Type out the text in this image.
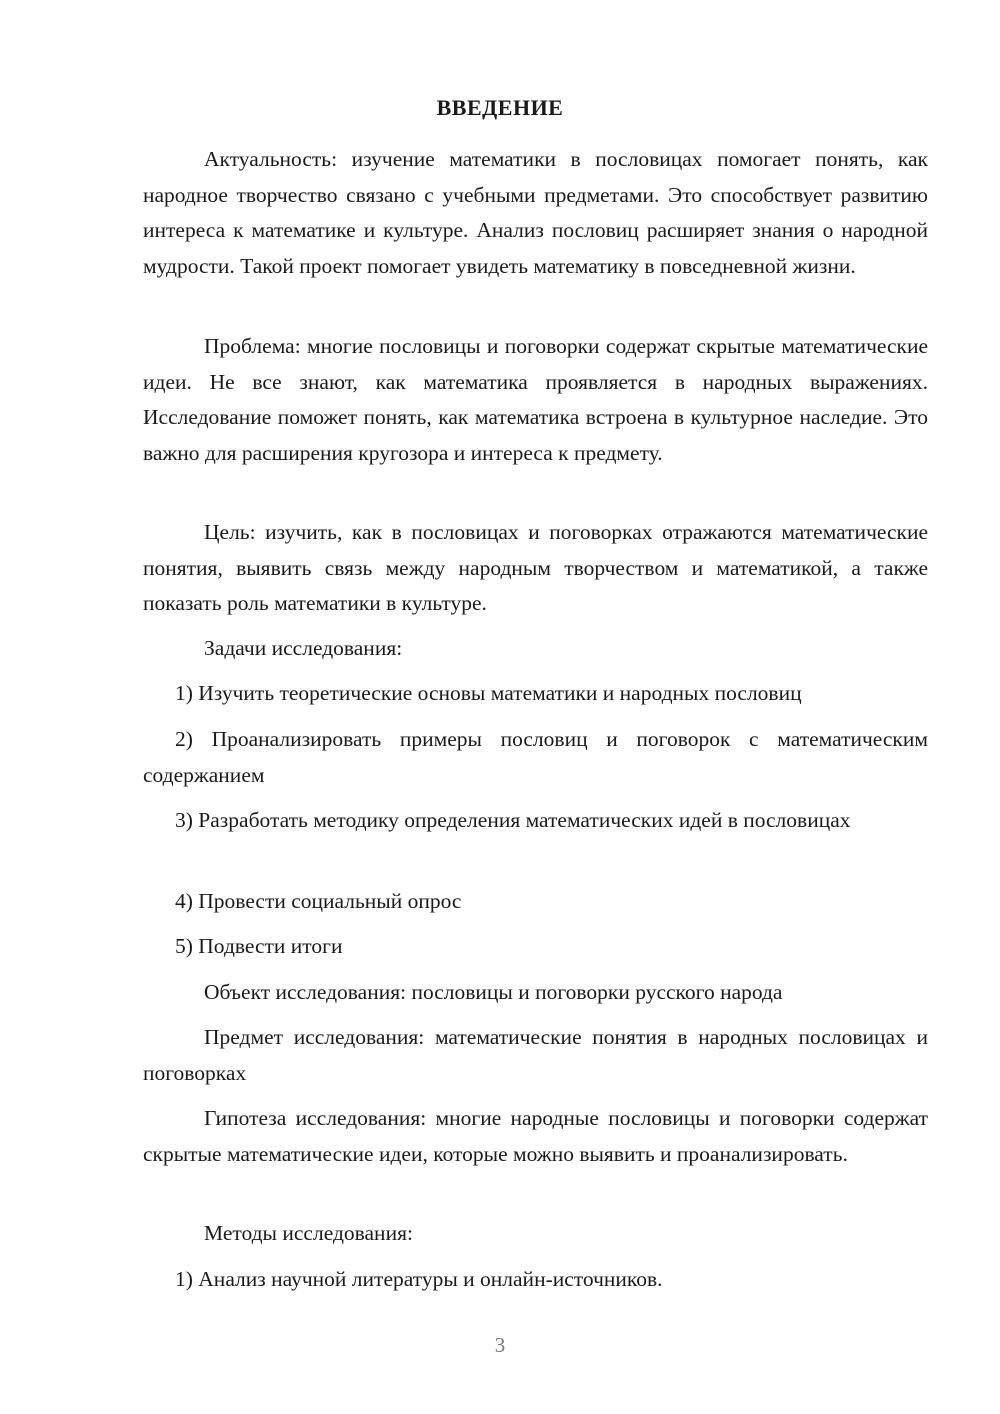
ВВЕДЕНИЕ

Актуальность: изучение математики в пословицах помогает понять, как народное творчество связано с учебными предметами. Это способствует развитию интереса к математике и культуре. Анализ пословиц расширяет знания о народной мудрости. Такой проект помогает увидеть математику в повседневной жизни.

Проблема: многие пословицы и поговорки содержат скрытые математические идеи. Не все знают, как математика проявляется в народных выражениях. Исследование поможет понять, как математика встроена в культурное наследие. Это важно для расширения кругозора и интереса к предмету.

Цель: изучить, как в пословицах и поговорках отражаются математические понятия, выявить связь между народным творчеством и математикой, а также показать роль математики в культуре.

Задачи исследования:

1) Изучить теоретические основы математики и народных пословиц

2) Проанализировать примеры пословиц и поговорок с математическим содержанием

3) Разработать методику определения математических идей в пословицах

4) Провести социальный опрос

5) Подвести итоги

Объект исследования: пословицы и поговорки русского народа

Предмет исследования: математические понятия в народных пословицах и поговорках

Гипотеза исследования: многие народные пословицы и поговорки содержат скрытые математические идеи, которые можно выявить и проанализировать.

Методы исследования:

1) Анализ научной литературы и онлайн-источников.

3
